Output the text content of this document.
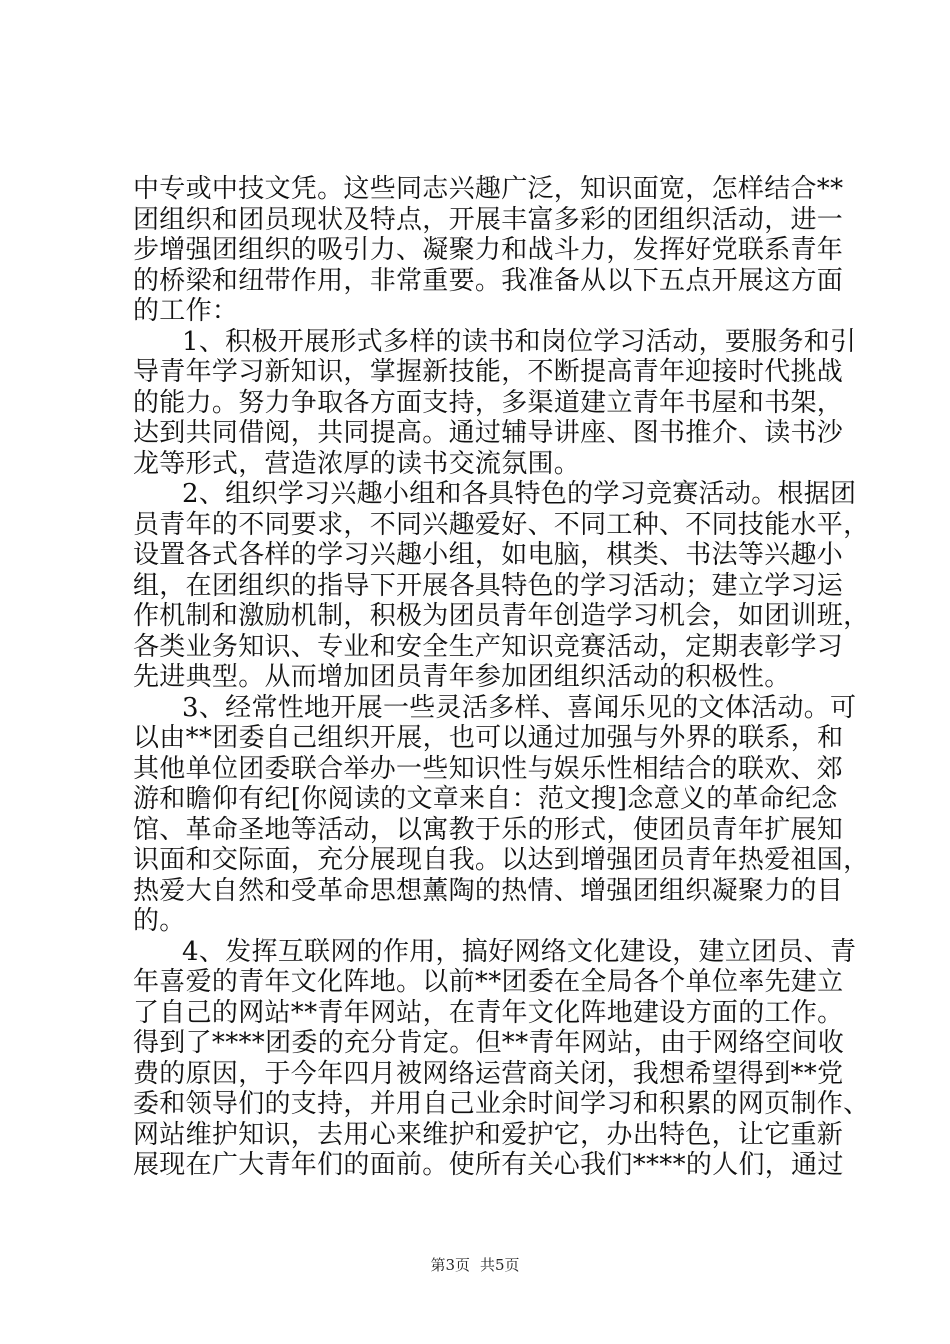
中专或中技文凭。这些同志兴趣广泛，知识面宽，怎样结合**
团组织和团员现状及特点，开展丰富多彩的团组织活动，进一
步增强团组织的吸引力、凝聚力和战斗力，发挥好党联系青年
的桥梁和纽带作用，非常重要。我准备从以下五点开展这方面
的工作：
1、积极开展形式多样的读书和岗位学习活动，要服务和引
导青年学习新知识，掌握新技能，不断提高青年迎接时代挑战
的能力。努力争取各方面支持，多渠道建立青年书屋和书架，
达到共同借阅，共同提高。通过辅导讲座、图书推介、读书沙
龙等形式，营造浓厚的读书交流氛围。
2、组织学习兴趣小组和各具特色的学习竞赛活动。根据团
员青年的不同要求，不同兴趣爱好、不同工种、不同技能水平，
设置各式各样的学习兴趣小组，如电脑，棋类、书法等兴趣小
组，在团组织的指导下开展各具特色的学习活动；建立学习运
作机制和激励机制，积极为团员青年创造学习机会，如团训班，
各类业务知识、专业和安全生产知识竞赛活动，定期表彰学习
先进典型。从而增加团员青年参加团组织活动的积极性。
3、经常性地开展一些灵活多样、喜闻乐见的文体活动。可
以由**团委自己组织开展，也可以通过加强与外界的联系，和
其他单位团委联合举办一些知识性与娱乐性相结合的联欢、郊
游和瞻仰有纪[你阅读的文章来自：范文搜]念意义的革命纪念
馆、革命圣地等活动，以寓教于乐的形式，使团员青年扩展知
识面和交际面，充分展现自我。以达到增强团员青年热爱祖国，
热爱大自然和受革命思想薰陶的热情、增强团组织凝聚力的目
的。
4、发挥互联网的作用，搞好网络文化建设，建立团员、青
年喜爱的青年文化阵地。以前**团委在全局各个单位率先建立
了自己的网站**青年网站，在青年文化阵地建设方面的工作。
得到了****团委的充分肯定。但**青年网站，由于网络空间收
费的原因，于今年四月被网络运营商关闭，我想希望得到**党
委和领导们的支持，并用自己业余时间学习和积累的网页制作、
网站维护知识，去用心来维护和爱护它，办出特色，让它重新
展现在广大青年们的面前。使所有关心我们****的人们，通过
第3页 共5页
